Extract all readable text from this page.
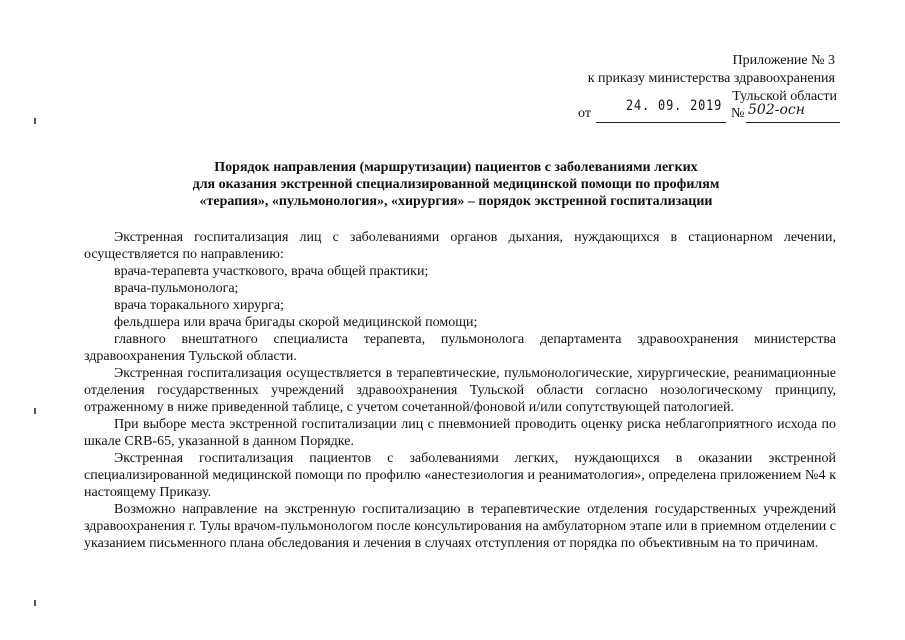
Приложение № 3
к приказу министерства здравоохранения
Тульской области
от	24. 09. 2019 № 502-осн
Порядок направления (маршрутизации) пациентов с заболеваниями легких
для оказания экстренной специализированной медицинской помощи по профилям
«терапия», «пульмонология», «хирургия» – порядок экстренной госпитализации

Экстренная госпитализация лиц с заболеваниями органов дыхания, нуждающихся в стационарном лечении, осуществляется по направлению:

врача-терапевта участкового, врача общей практики;

врача-пульмонолога;

врача торакального хирурга;

фельдшера или врача бригады скорой медицинской помощи;

главного внештатного специалиста терапевта, пульмонолога департамента здравоохранения министерства здравоохранения Тульской области.

Экстренная госпитализация осуществляется в терапевтические, пульмонологические, хирургические, реанимационные отделения государственных учреждений здравоохранения Тульской области согласно нозологическому принципу, отраженному в ниже приведенной таблице, с учетом сочетанной/фоновой и/или сопутствующей патологией.

При выборе места экстренной госпитализации лиц с пневмонией проводить оценку риска неблагоприятного исхода по шкале CRB-65, указанной в данном Порядке.

Экстренная госпитализация пациентов с заболеваниями легких, нуждающихся в оказании экстренной специализированной медицинской помощи по профилю «анестезиология и реаниматология», определена приложением №4 к настоящему Приказу.

Возможно направление на экстренную госпитализацию в терапевтические отделения государственных учреждений здравоохранения г. Тулы врачом-пульмонологом после консультирования на амбулаторном этапе или в приемном отделении с указанием письменного плана обследования и лечения в случаях отступления от порядка по объективным на то причинам.
